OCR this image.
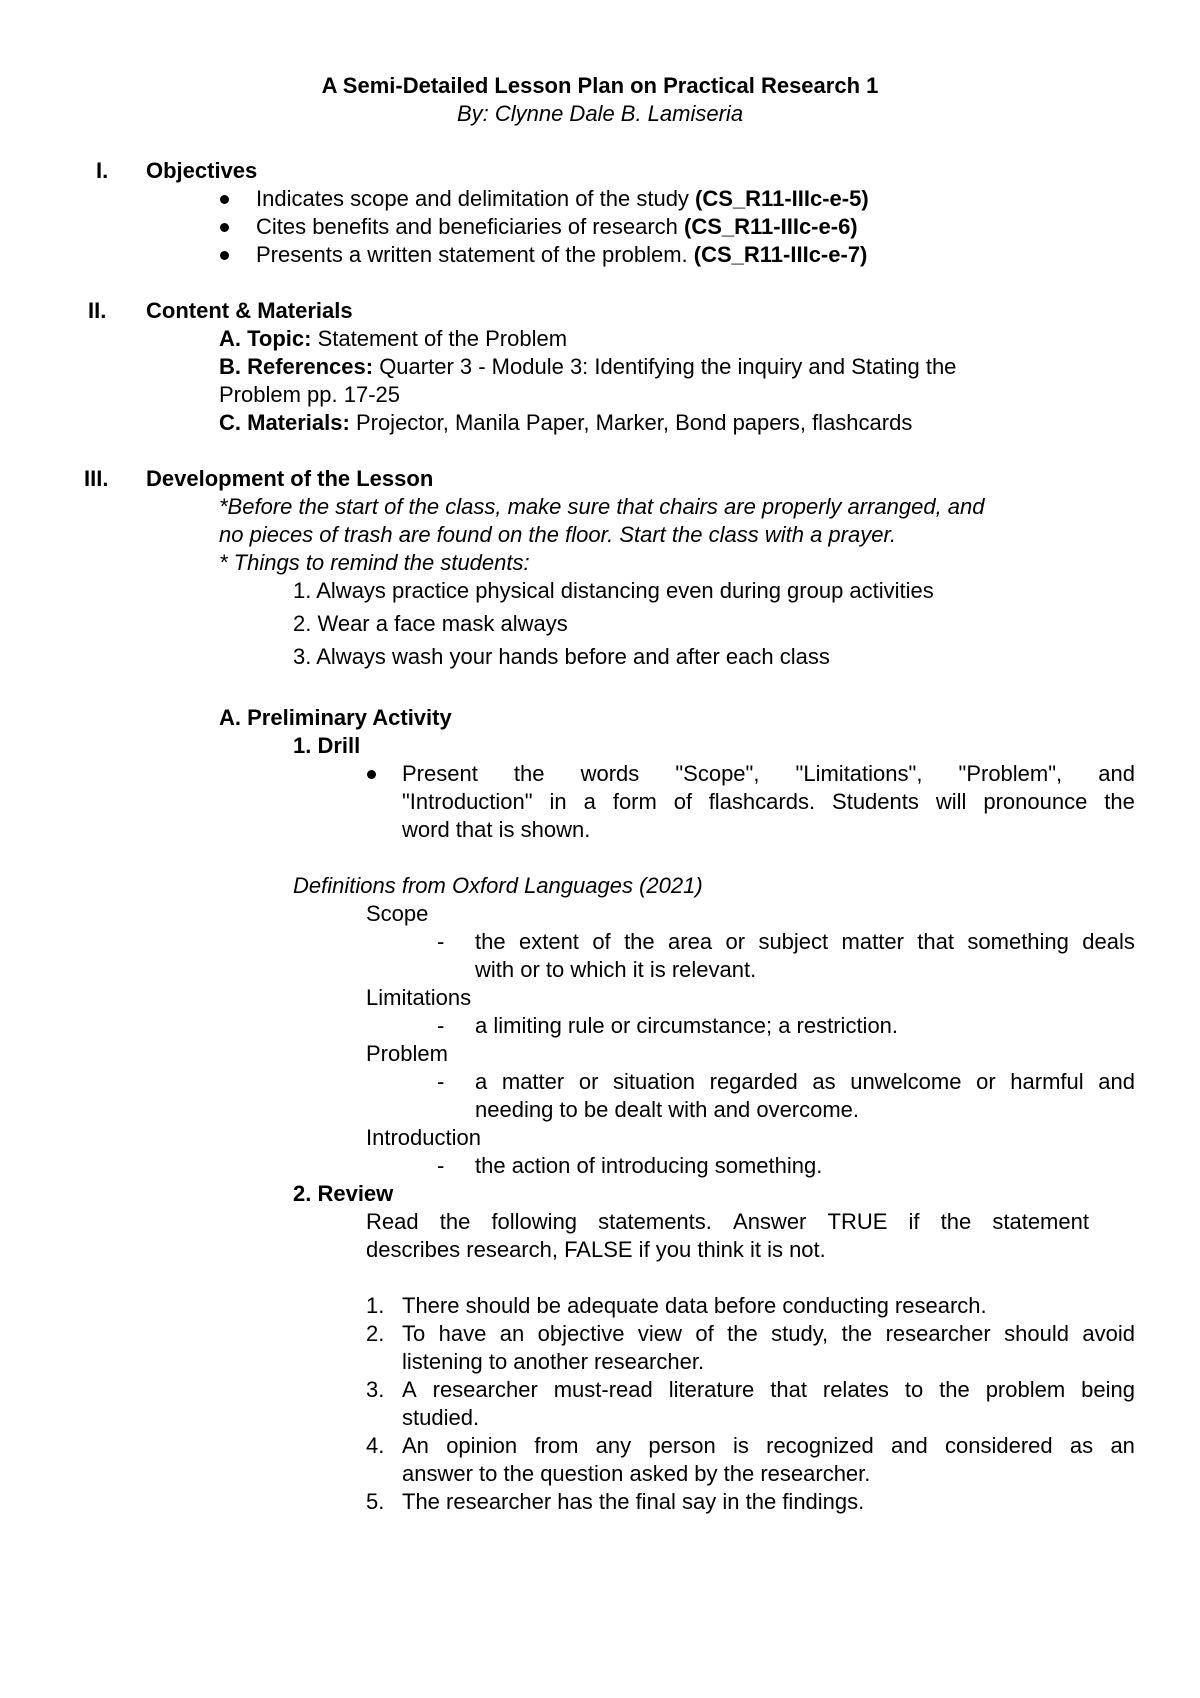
A Semi-Detailed Lesson Plan on Practical Research 1
By: Clynne Dale B. Lamiseria
I. Objectives
Indicates scope and delimitation of the study (CS_R11-IIIc-e-5)
Cites benefits and beneficiaries of research (CS_R11-IIIc-e-6)
Presents a written statement of the problem. (CS_R11-IIIc-e-7)
II. Content & Materials
A. Topic: Statement of the Problem
B. References: Quarter 3 - Module 3: Identifying the inquiry and Stating the
Problem pp. 17-25
C. Materials: Projector, Manila Paper, Marker, Bond papers, flashcards
III. Development of the Lesson
*Before the start of the class, make sure that chairs are properly arranged, and
no pieces of trash are found on the floor. Start the class with a prayer.
* Things to remind the students:
1. Always practice physical distancing even during group activities
2. Wear a face mask always
3. Always wash your hands before and after each class
A. Preliminary Activity
1. Drill
Present the words "Scope", "Limitations", "Problem", and
"Introduction" in a form of flashcards. Students will pronounce the
word that is shown.
Definitions from Oxford Languages (2021)
Scope
- the extent of the area or subject matter that something deals
with or to which it is relevant.
Limitations
- a limiting rule or circumstance; a restriction.
Problem
- a matter or situation regarded as unwelcome or harmful and
needing to be dealt with and overcome.
Introduction
- the action of introducing something.
2. Review
Read the following statements. Answer TRUE if the statement
describes research, FALSE if you think it is not.
1. There should be adequate data before conducting research.
2. To have an objective view of the study, the researcher should avoid
listening to another researcher.
3. A researcher must-read literature that relates to the problem being
studied.
4. An opinion from any person is recognized and considered as an
answer to the question asked by the researcher.
5. The researcher has the final say in the findings.
